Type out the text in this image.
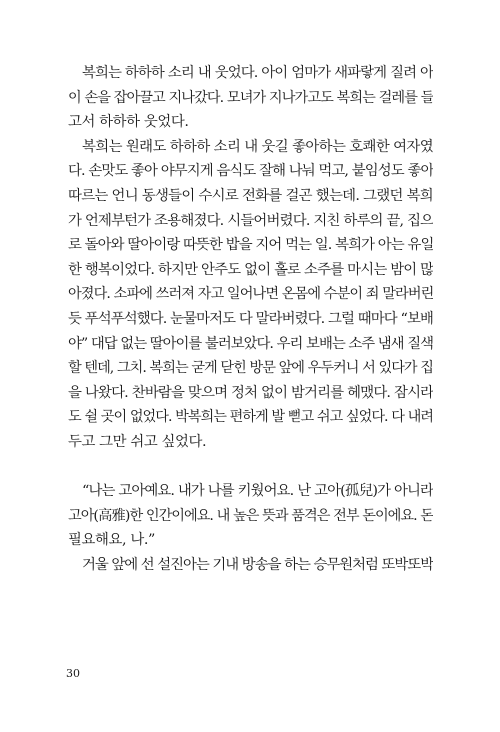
복희는 하하하 소리 내 웃었다. 아이 엄마가 새파랗게 질려 아
이 손을 잡아끌고 지나갔다. 모녀가 지나가고도 복희는 걸레를 들
고서 하하하 웃었다.
복희는 원래도 하하하 소리 내 웃길 좋아하는 호쾌한 여자였
다. 손맛도 좋아 야무지게 음식도 잘해 나눠 먹고, 붙임성도 좋아
따르는 언니 동생들이 수시로 전화를 걸곤 했는데. 그랬던 복희
가 언제부턴가 조용해졌다. 시들어버렸다. 지친 하루의 끝, 집으
로 돌아와 딸아이랑 따뜻한 밥을 지어 먹는 일. 복희가 아는 유일
한 행복이었다. 하지만 안주도 없이 홀로 소주를 마시는 밤이 많
아졌다. 소파에 쓰러져 자고 일어나면 온몸에 수분이 죄 말라버린
듯 푸석푸석했다. 눈물마저도 다 말라버렸다. 그럴 때마다 “보배
야” 대답 없는 딸아이를 불러보았다. 우리 보배는 소주 냄새 질색
할 텐데, 그치. 복희는 굳게 닫힌 방문 앞에 우두커니 서 있다가 집
을 나왔다. 찬바람을 맞으며 정처 없이 밤거리를 헤맸다. 잠시라
도 쉴 곳이 없었다. 박복희는 편하게 발 뻗고 쉬고 싶었다. 다 내려
두고 그만 쉬고 싶었다.
“나는 고아예요. 내가 나를 키웠어요. 난 고아(孤兒)가 아니라
고아(高雅)한 인간이에요. 내 높은 뜻과 품격은 전부 돈이에요. 돈
필요해요, 나.”
거울 앞에 선 설진아는 기내 방송을 하는 승무원처럼 또박또박
30
